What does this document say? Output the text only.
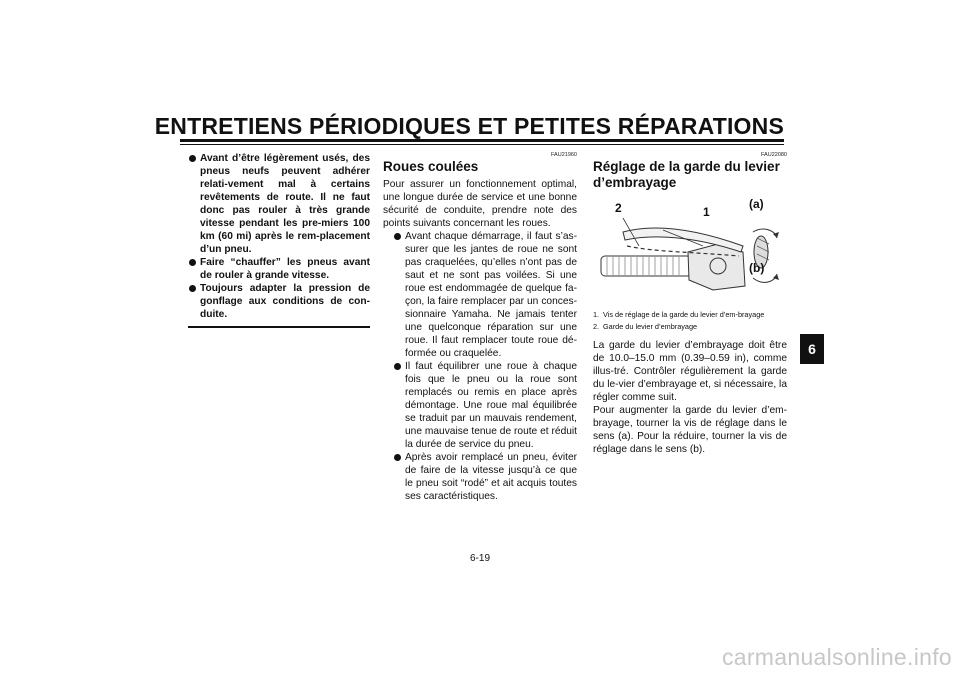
ENTRETIENS PÉRIODIQUES ET PETITES RÉPARATIONS
6
Avant d’être légèrement usés, des pneus neufs peuvent adhérer relati-vement mal à certains revêtements de route. Il ne faut donc pas rouler à très grande vitesse pendant les pre-miers 100 km (60 mi) après le rem-placement d’un pneu.
Faire “chauffer” les pneus avant de rouler à grande vitesse.
Toujours adapter la pression de gonflage aux conditions de con-duite.
FAU21960
Roues coulées

Pour assurer un fonctionnement optimal, une longue durée de service et une bonne sécurité de conduite, prendre note des points suivants concernant les roues.

Avant chaque démarrage, il faut s’as-surer que les jantes de roue ne sont pas craquelées, qu’elles n’ont pas de saut et ne sont pas voilées. Si une roue est endommagée de quelque fa-çon, la faire remplacer par un conces-sionnaire Yamaha. Ne jamais tenter une quelconque réparation sur une roue. Il faut remplacer toute roue dé-formée ou craquelée.
Il faut équilibrer une roue à chaque fois que le pneu ou la roue sont remplacés ou remis en place après démontage. Une roue mal équilibrée se traduit par un mauvais rendement, une mauvaise tenue de route et réduit la durée de service du pneu.
Après avoir remplacé un pneu, éviter de faire de la vitesse jusqu’à ce que le pneu soit “rodé” et ait acquis toutes ses caractéristiques.
FAU22080
Réglage de la garde du levier d’embrayage
2	1
(a)
(b)
1. Vis de réglage de la garde du levier d’em-brayage
2. Garde du levier d’embrayage

La garde du levier d’embrayage doit être de 10.0–15.0 mm (0.39–0.59 in), comme illus-tré. Contrôler régulièrement la garde du le-vier d’embrayage et, si nécessaire, la régler comme suit.

Pour augmenter la garde du levier d’em-brayage, tourner la vis de réglage dans le sens (a). Pour la réduire, tourner la vis de réglage dans le sens (b).

6-19
carmanualsonline.info
